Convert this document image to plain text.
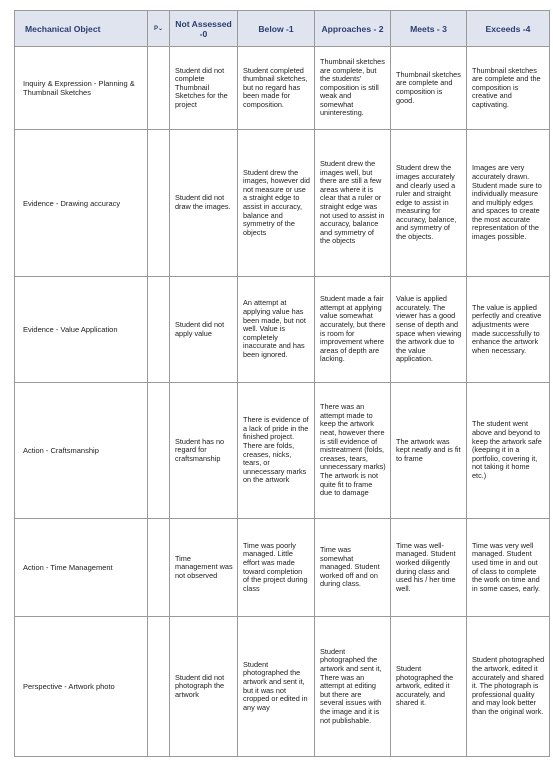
Mechanical Object	P⌄	Not Assessed -0	Below -1	Approaches - 2	Meets - 3	Exceeds -4
Inquiry & Expression - Planning & Thumbnail Sketches		Student did not complete Thumbnail Sketches for the project	Student completed thumbnail sketches, but no regard has been made for composition.	Thumbnail sketches are complete, but the students' composition is still weak and somewhat uninteresting.	Thumbnail sketches are complete and composition is good.	Thumbnail sketches are complete and the composition is creative and captivating.
Evidence - Drawing accuracy		Student did not draw the images.	Student drew the images, however did not measure or use a straight edge to assist in accuracy, balance and symmetry of the objects	Student drew the images well, but there are still a few areas where it is clear that a ruler or straight edge was not used to assist in accuracy, balance and symmetry of the objects	Student drew the images accurately and clearly used a ruler and straight edge to assist in measuring for accuracy, balance, and symmetry of the objects.	Images are very accurately drawn. Student made sure to individually measure and multiply edges and spaces to create the most accurate representation of the images possible.
Evidence - Value Application		Student did not apply value	An attempt at applying value has been made, but not well. Value is completely inaccurate and has been ignored.	Student made a fair attempt at applying value somewhat accurately, but there is room for improvement where areas of depth are lacking.	Value is applied accurately. The viewer has a good sense of depth and space when viewing the artwork due to the value application.	The value is applied perfectly and creative adjustments were made successfully to enhance the artwork when necessary.
Action - Craftsmanship		Student has no regard for craftsmanship	There is evidence of a lack of pride in the finished project. There are folds, creases, nicks, tears, or unnecessary marks on the artwork	There was an attempt made to keep the artwork neat, however there is still evidence of mistreatment (folds, creases, tears, unnecessary marks) The artwork is not quite fit to frame due to damage	The artwork was kept neatly and is fit to frame	The student went above and beyond to keep the artwork safe (keeping it in a portfolio, covering it, not taking it home etc.)
Action - Time Management		Time management was not observed	Time was poorly managed. Little effort was made toward completion of the project during class	Time was somewhat managed. Student worked off and on during class.	Time was well-managed. Student worked diligently during class and used his / her time well.	Time was very well managed. Student used time in and out of class to complete the work on time and in some cases, early.
Perspective - Artwork photo		Student did not photograph the artwork	Student photographed the artwork and sent it, but it was not cropped or edited in any way	Student photographed the artwork and sent it, There was an attempt at editing but there are several issues with the image and it is not publishable.	Student photographed the artwork, edited it accurately, and shared it.	Student photographed the artwork, edited it accurately and shared it. The photograph is professional quality and may look better than the original work.
